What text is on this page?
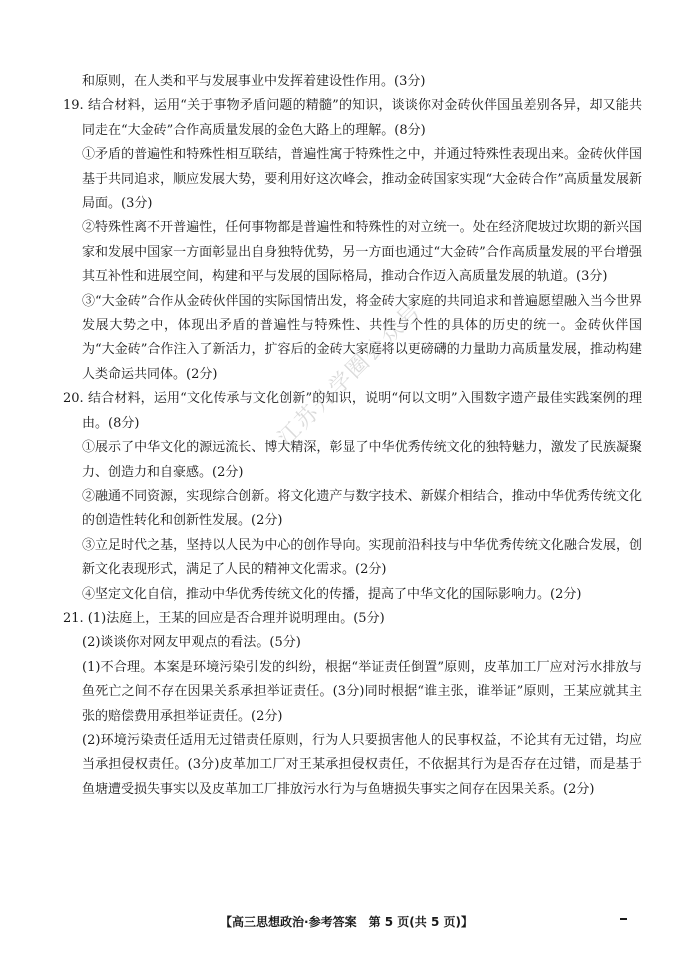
和原则，在人类和平与发展事业中发挥着建设性作用。(3分)

19. 结合材料，运用“关于事物矛盾问题的精髓”的知识，谈谈你对金砖伙伴国虽差别各异，却又能共同走在“大金砖”合作高质量发展的金色大路上的理解。(8分)

①矛盾的普遍性和特殊性相互联结，普遍性寓于特殊性之中，并通过特殊性表现出来。金砖伙伴国基于共同追求，顺应发展大势，要利用好这次峰会，推动金砖国家实现“大金砖合作”高质量发展新局面。(3分)

②特殊性离不开普遍性，任何事物都是普遍性和特殊性的对立统一。处在经济爬坡过坎期的新兴国家和发展中国家一方面彰显出自身独特优势，另一方面也通过“大金砖”合作高质量发展的平台增强其互补性和进展空间，构建和平与发展的国际格局，推动合作迈入高质量发展的轨道。(3分)

③“大金砖”合作从金砖伙伴国的实际国情出发，将金砖大家庭的共同追求和普遍愿望融入当今世界发展大势之中，体现出矛盾的普遍性与特殊性、共性与个性的具体的历史的统一。金砖伙伴国为“大金砖”合作注入了新活力，扩容后的金砖大家庭将以更磅礴的力量助力高质量发展，推动构建人类命运共同体。(2分)

20. 结合材料，运用“文化传承与文化创新”的知识，说明“何以文明”入围数字遗产最佳实践案例的理由。(8分)

①展示了中华文化的源远流长、博大精深，彰显了中华优秀传统文化的独特魅力，激发了民族凝聚力、创造力和自豪感。(2分)

②融通不同资源，实现综合创新。将文化遗产与数字技术、新媒介相结合，推动中华优秀传统文化的创造性转化和创新性发展。(2分)

③立足时代之基，坚持以人民为中心的创作导向。实现前沿科技与中华优秀传统文化融合发展，创新文化表现形式，满足了人民的精神文化需求。(2分)

④坚定文化自信，推动中华优秀传统文化的传播，提高了中华文化的国际影响力。(2分)

21. (1)法庭上，王某的回应是否合理并说明理由。(5分)

(2)谈谈你对网友甲观点的看法。(5分)

(1)不合理。本案是环境污染引发的纠纷，根据“举证责任倒置”原则，皮革加工厂应对污水排放与鱼死亡之间不存在因果关系承担举证责任。(3分)同时根据“谁主张，谁举证”原则，王某应就其主张的赔偿费用承担举证责任。(2分)

(2)环境污染责任适用无过错责任原则，行为人只要损害他人的民事权益，不论其有无过错，均应当承担侵权责任。(3分)皮革加工厂对王某承担侵权责任，不依据其行为是否存在过错，而是基于鱼塘遭受损失事实以及皮革加工厂排放污水行为与鱼塘损失事实之间存在因果关系。(2分)

江苏升学圈公众号
【高三思想政治·参考答案　第 5 页(共 5 页)】
